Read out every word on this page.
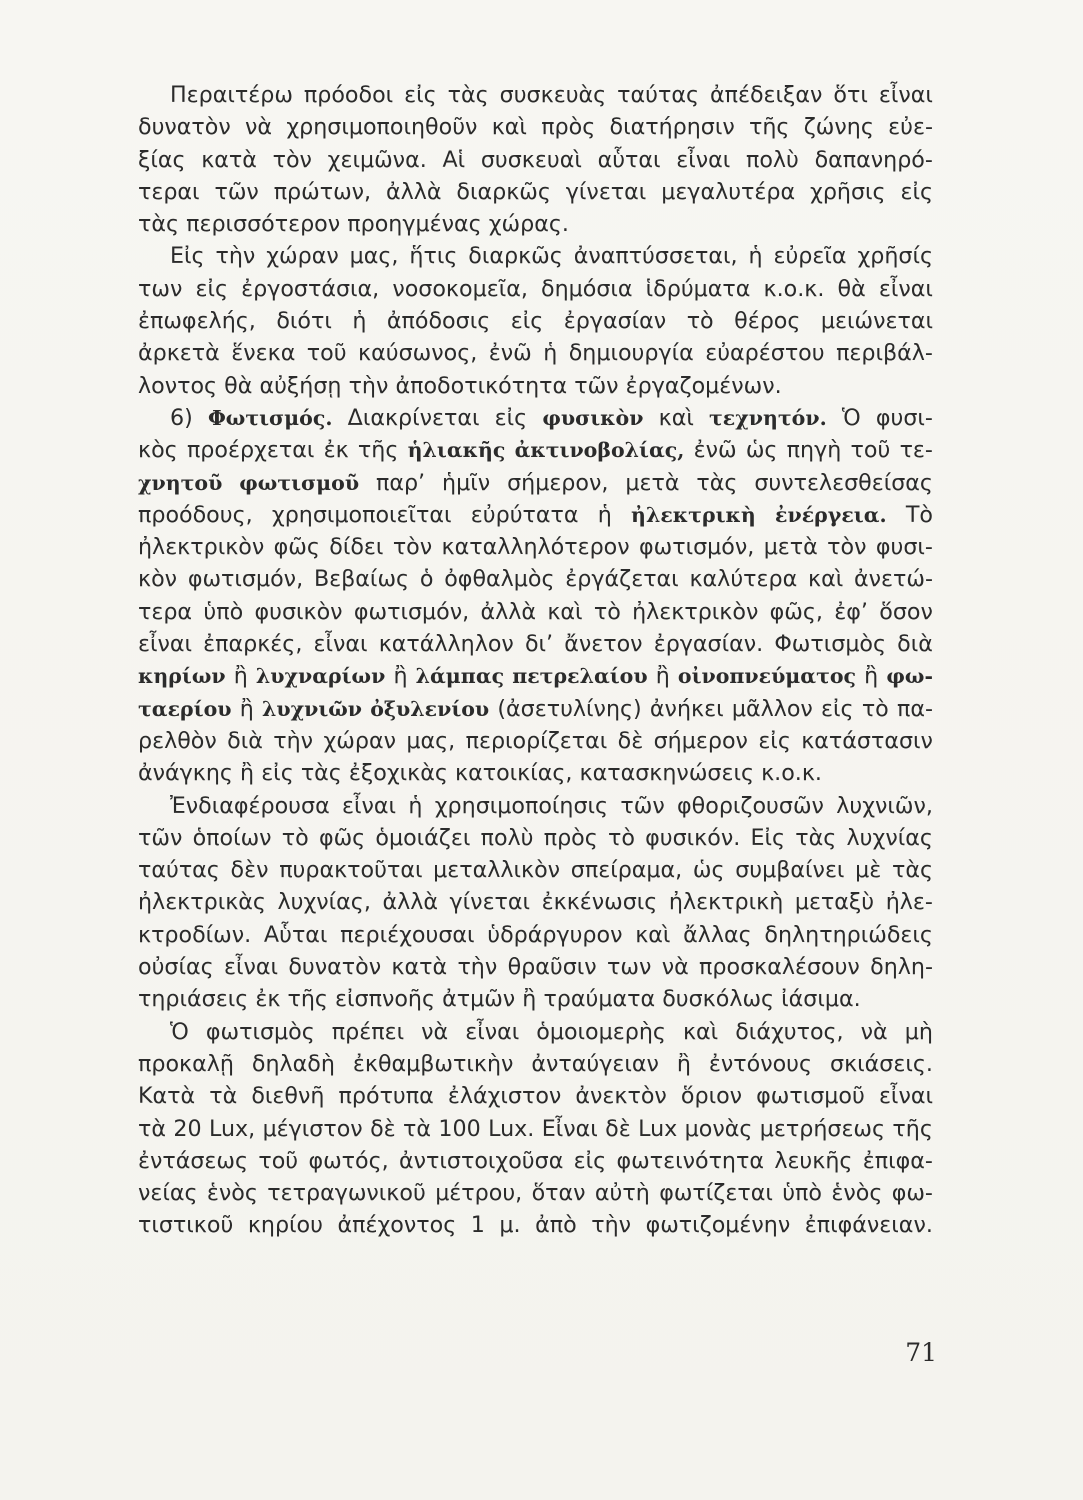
Περαιτέρω πρόοδοι εἰς τὰς συσκευὰς ταύτας ἀπέδειξαν ὅτι εἶναι
δυνατὸν νὰ χρησιμοποιηθοῦν καὶ πρὸς διατήρησιν τῆς ζώνης εὐε-
ξίας κατὰ τὸν χειμῶνα. Αἱ συσκευαὶ αὗται εἶναι πολὺ δαπανηρό-
τεραι τῶν πρώτων, ἀλλὰ διαρκῶς γίνεται μεγαλυτέρα χρῆσις εἰς
τὰς περισσότερον προηγμένας χώρας.
Εἰς τὴν χώραν μας, ἥτις διαρκῶς ἀναπτύσσεται, ἡ εὐρεῖα χρῆσίς
των εἰς ἐργοστάσια, νοσοκομεῖα, δημόσια ἱδρύματα κ.ο.κ. θὰ εἶναι
ἐπωφελής, διότι ἡ ἀπόδοσις εἰς ἐργασίαν τὸ θέρος μειώνεται
ἀρκετὰ ἕνεκα τοῦ καύσωνος, ἐνῶ ἡ δημιουργία εὐαρέστου περιβάλ-
λοντος θὰ αὐξήσῃ τὴν ἀποδοτικότητα τῶν ἐργαζομένων.
6) Φωτισμός. Διακρίνεται εἰς φυσικὸν καὶ τεχνητόν. Ὁ φυσι-
κὸς προέρχεται ἐκ τῆς ἡλιακῆς ἀκτινοβολίας, ἐνῶ ὡς πηγὴ τοῦ τε-
χνητοῦ φωτισμοῦ παρ’ ἡμῖν σήμερον, μετὰ τὰς συντελεσθείσας
προόδους, χρησιμοποιεῖται εὐρύτατα ἡ ἠλεκτρικὴ ἐνέργεια. Τὸ
ἠλεκτρικὸν φῶς δίδει τὸν καταλληλότερον φωτισμόν, μετὰ τὸν φυσι-
κὸν φωτισμόν, Βεβαίως ὁ ὀφθαλμὸς ἐργάζεται καλύτερα καὶ ἀνετώ-
τερα ὑπὸ φυσικὸν φωτισμόν, ἀλλὰ καὶ τὸ ἠλεκτρικὸν φῶς, ἐφ’ ὅσον
εἶναι ἐπαρκές, εἶναι κατάλληλον δι’ ἄνετον ἐργασίαν. Φωτισμὸς διὰ
κηρίων ἢ λυχναρίων ἢ λάμπας πετρελαίου ἢ οἰνοπνεύματος ἢ φω-
ταερίου ἢ λυχνιῶν ὀξυλενίου (ἀσετυλίνης) ἀνήκει μᾶλλον εἰς τὸ πα-
ρελθὸν διὰ τὴν χώραν μας, περιορίζεται δὲ σήμερον εἰς κατάστασιν
ἀνάγκης ἢ εἰς τὰς ἐξοχικὰς κατοικίας, κατασκηνώσεις κ.ο.κ.
Ἐνδιαφέρουσα εἶναι ἡ χρησιμοποίησις τῶν φθοριζουσῶν λυχνιῶν,
τῶν ὁποίων τὸ φῶς ὁμοιάζει πολὺ πρὸς τὸ φυσικόν. Εἰς τὰς λυχνίας
ταύτας δὲν πυρακτοῦται μεταλλικὸν σπείραμα, ὡς συμβαίνει μὲ τὰς
ἠλεκτρικὰς λυχνίας, ἀλλὰ γίνεται ἐκκένωσις ἠλεκτρικὴ μεταξὺ ἠλε-
κτροδίων. Αὗται περιέχουσαι ὑδράργυρον καὶ ἄλλας δηλητηριώδεις
οὐσίας εἶναι δυνατὸν κατὰ τὴν θραῦσιν των νὰ προσκαλέσουν δηλη-
τηριάσεις ἐκ τῆς εἰσπνοῆς ἀτμῶν ἢ τραύματα δυσκόλως ἰάσιμα.
Ὁ φωτισμὸς πρέπει νὰ εἶναι ὁμοιομερὴς καὶ διάχυτος, νὰ μὴ
προκαλῇ δηλαδὴ ἐκθαμβωτικὴν ἀνταύγειαν ἢ ἐντόνους σκιάσεις.
Κατὰ τὰ διεθνῆ πρότυπα ἐλάχιστον ἀνεκτὸν ὅριον φωτισμοῦ εἶναι
τὰ 20 Lux, μέγιστον δὲ τὰ 100 Lux. Εἶναι δὲ Lux μονὰς μετρήσεως τῆς
ἐντάσεως τοῦ φωτός, ἀντιστοιχοῦσα εἰς φωτεινότητα λευκῆς ἐπιφα-
νείας ἑνὸς τετραγωνικοῦ μέτρου, ὅταν αὐτὴ φωτίζεται ὑπὸ ἑνὸς φω-
τιστικοῦ κηρίου ἀπέχοντος 1 μ. ἀπὸ τὴν φωτιζομένην ἐπιφάνειαν.
71
